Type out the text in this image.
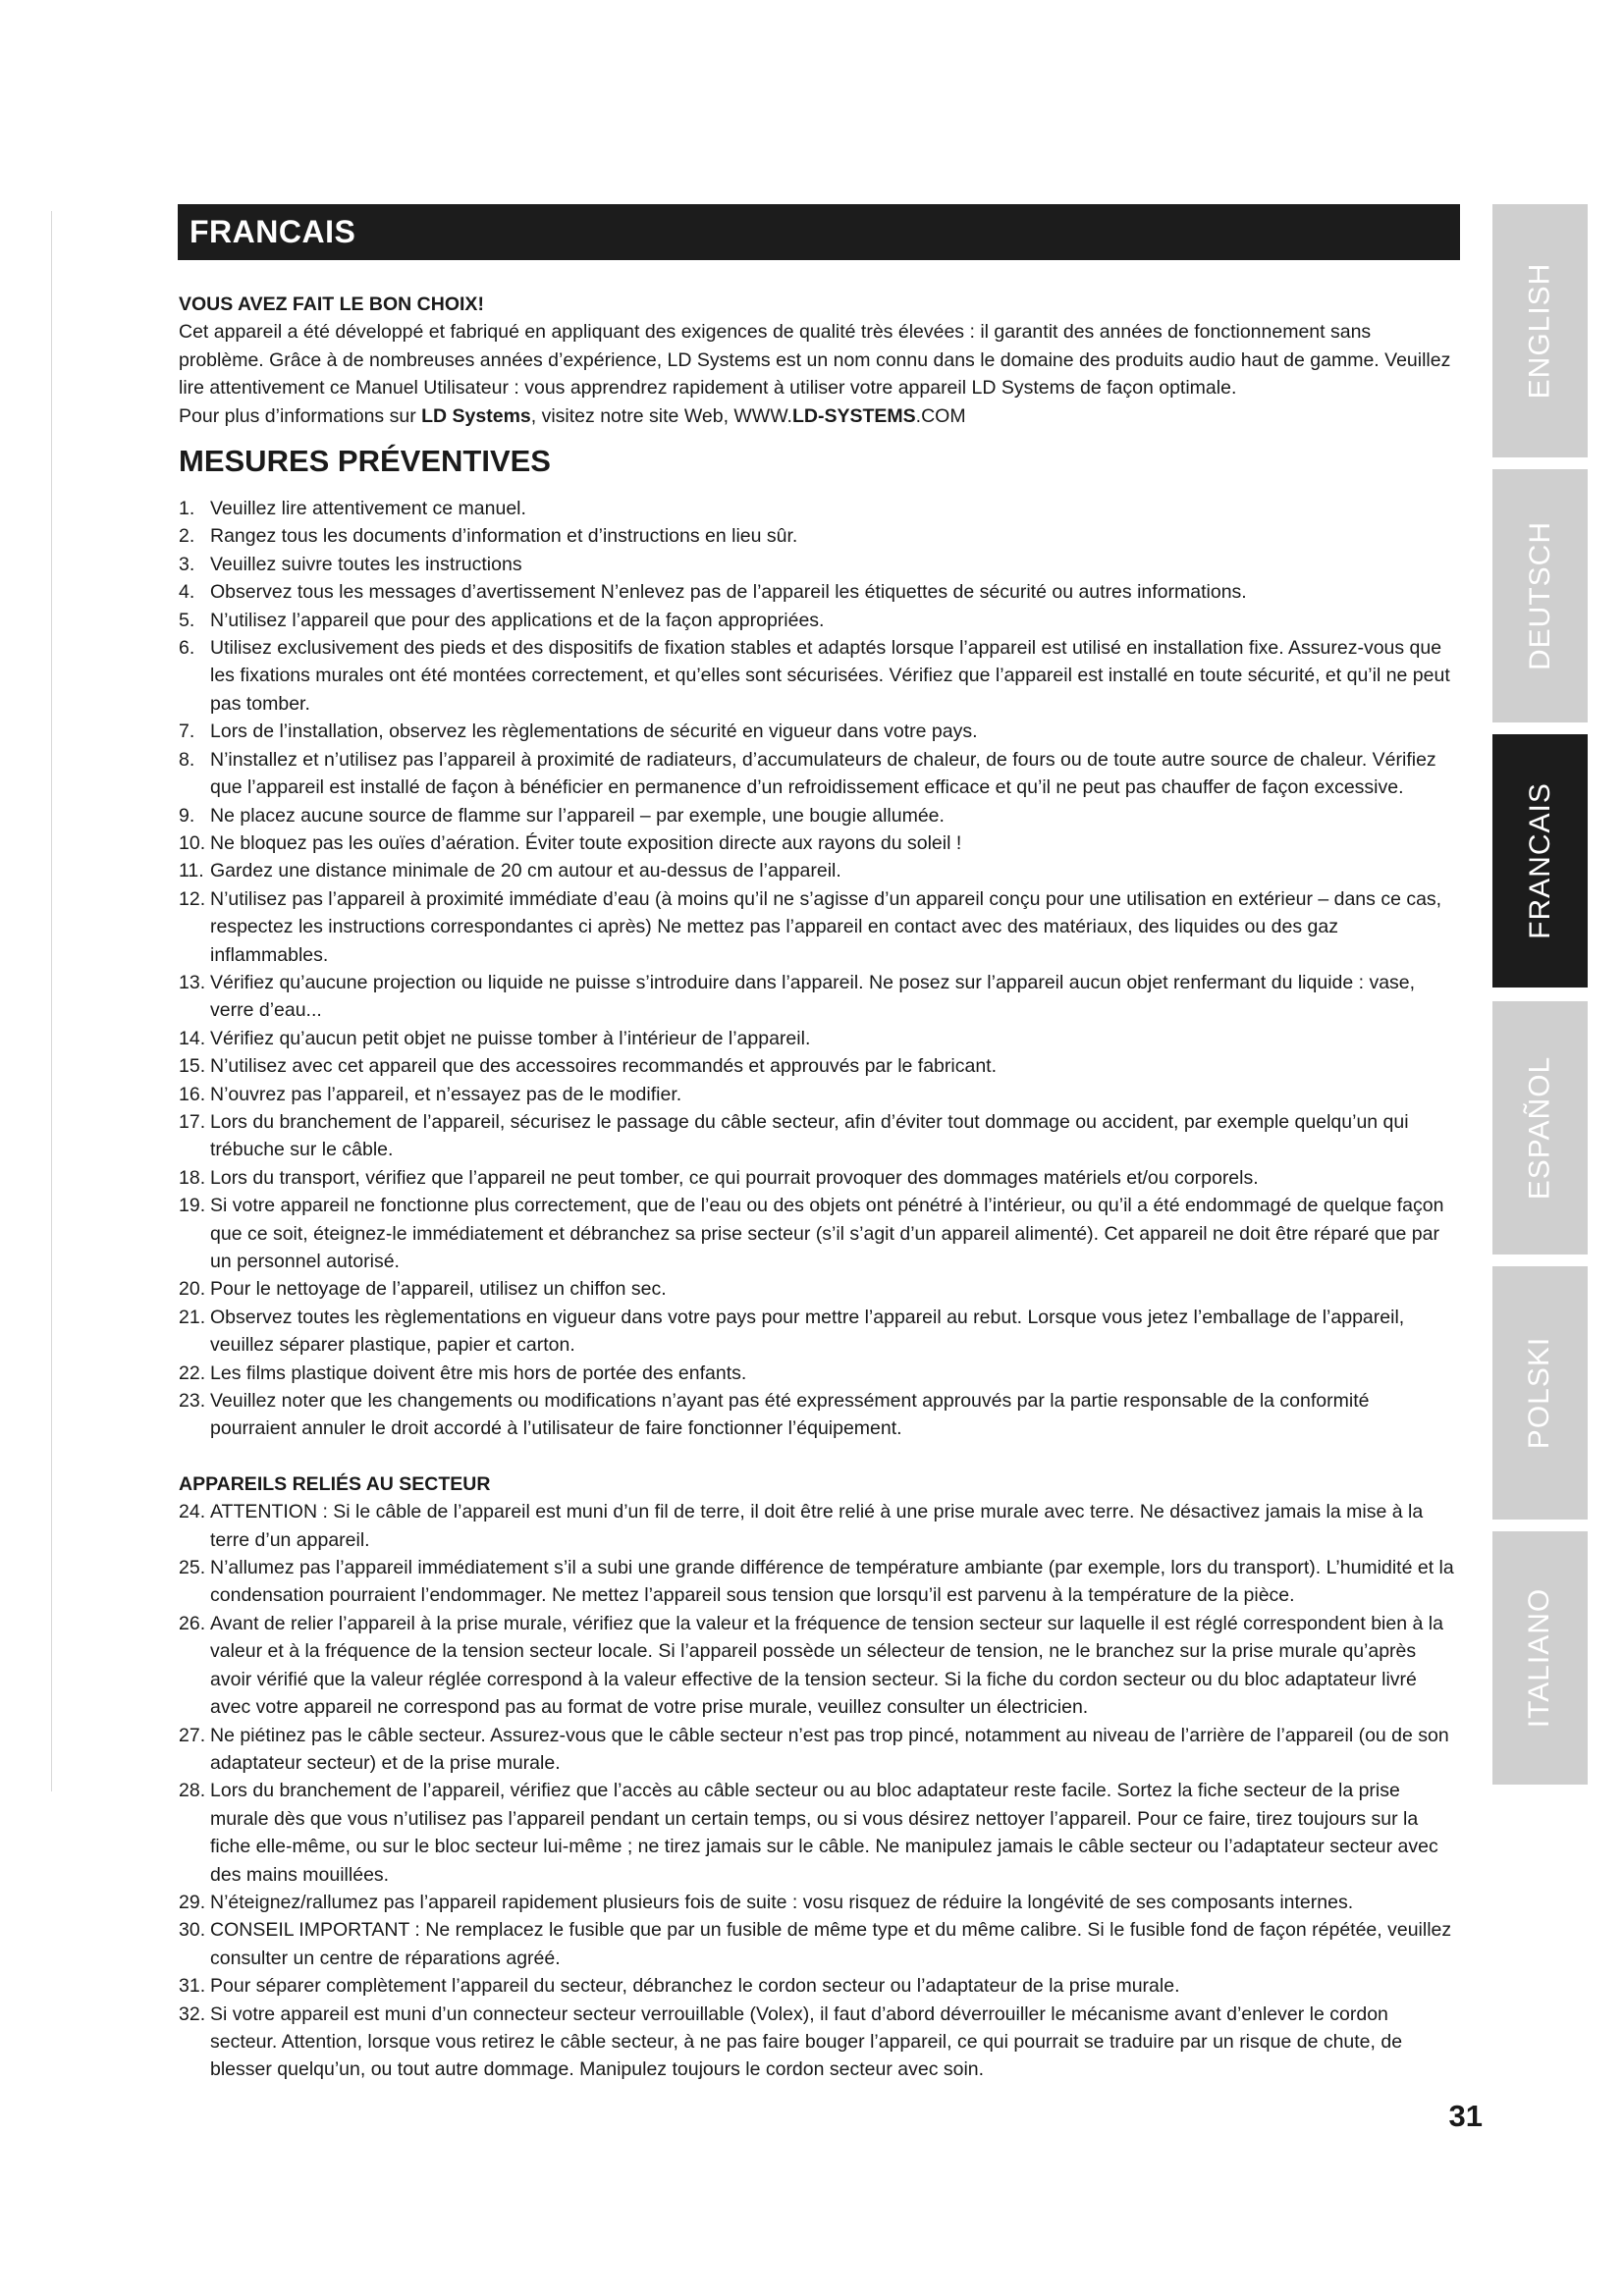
FRANCAIS

VOUS AVEZ FAIT LE BON CHOIX!

Cet appareil a été développé et fabriqué en appliquant des exigences de qualité très élevées : il garantit des années de fonctionnement sans problème. Grâce à de nombreuses années d’expérience, LD Systems est un nom connu dans le domaine des produits audio haut de gamme. Veuillez lire attentivement ce Manuel Utilisateur : vous apprendrez rapidement à utiliser votre appareil LD Systems de façon optimale.

Pour plus d’informations sur LD Systems, visitez notre site Web, WWW.LD-SYSTEMS.COM

MESURES PRÉVENTIVES
1. Veuillez lire attentivement ce manuel.
2. Rangez tous les documents d’information et d’instructions en lieu sûr.
3. Veuillez suivre toutes les instructions
4. Observez tous les messages d’avertissement N’enlevez pas de l’appareil les étiquettes de sécurité ou autres informations.
5. N’utilisez l’appareil que pour des applications et de la façon appropriées.
6. Utilisez exclusivement des pieds et des dispositifs de fixation stables et adaptés lorsque l’appareil est utilisé en installation fixe. Assurez-vous que les fixations murales ont été montées correctement, et qu’elles sont sécurisées. Vérifiez que l’appareil est installé en toute sécurité, et qu’il ne peut pas tomber.
7. Lors de l’installation, observez les règlementations de sécurité en vigueur dans votre pays.
8. N’installez et n’utilisez pas l’appareil à proximité de radiateurs, d’accumulateurs de chaleur, de fours ou de toute autre source de chaleur. Vérifiez que l’appareil est installé de façon à bénéficier en permanence d’un refroidissement efficace et qu’il ne peut pas chauffer de façon excessive.
9. Ne placez aucune source de flamme sur l’appareil – par exemple, une bougie allumée.
10. Ne bloquez pas les ouïes d’aération. Éviter toute exposition directe aux rayons du soleil !
11. Gardez une distance minimale de 20 cm autour et au-dessus de l’appareil.
12. N’utilisez pas l’appareil à proximité immédiate d’eau (à moins qu’il ne s’agisse d’un appareil conçu pour une utilisation en extérieur – dans ce cas, respectez les instructions correspondantes ci après) Ne mettez pas l’appareil en contact avec des matériaux, des liquides ou des gaz inflammables.
13. Vérifiez qu’aucune projection ou liquide ne puisse s’introduire dans l’appareil. Ne posez sur l’appareil aucun objet renfermant du liquide : vase, verre d’eau...
14. Vérifiez qu’aucun petit objet ne puisse tomber à l’intérieur de l’appareil.
15. N’utilisez avec cet appareil que des accessoires recommandés et approuvés par le fabricant.
16. N’ouvrez pas l’appareil, et n’essayez pas de le modifier.
17. Lors du branchement de l’appareil, sécurisez le passage du câble secteur, afin d’éviter tout dommage ou accident, par exemple quelqu’un qui trébuche sur le câble.
18. Lors du transport, vérifiez que l’appareil ne peut tomber, ce qui pourrait provoquer des dommages matériels et/ou corporels.
19. Si votre appareil ne fonctionne plus correctement, que de l’eau ou des objets ont pénétré à l’intérieur, ou qu’il a été endommagé de quelque façon que ce soit, éteignez-le immédiatement et débranchez sa prise secteur (s’il s’agit d’un appareil alimenté). Cet appareil ne doit être réparé que par un personnel autorisé.
20. Pour le nettoyage de l’appareil, utilisez un chiffon sec.
21. Observez toutes les règlementations en vigueur dans votre pays pour mettre l’appareil au rebut. Lorsque vous jetez l’emballage de l’appareil, veuillez séparer plastique, papier et carton.
22. Les films plastique doivent être mis hors de portée des enfants.
23. Veuillez noter que les changements ou modifications n’ayant pas été expressément approuvés par la partie responsable de la conformité pourraient annuler le droit accordé à l’utilisateur de faire fonctionner l’équipement.

APPAREILS RELIÉS AU SECTEUR

24. ATTENTION : Si le câble de l’appareil est muni d’un fil de terre, il doit être relié à une prise murale avec terre. Ne désactivez jamais la mise à la terre d’un appareil.
25. N’allumez pas l’appareil immédiatement s’il a subi une grande différence de température ambiante (par exemple, lors du transport). L’humidité et la condensation pourraient l’endommager. Ne mettez l’appareil sous tension que lorsqu’il est parvenu à la température de la pièce.
26. Avant de relier l’appareil à la prise murale, vérifiez que la valeur et la fréquence de tension secteur sur laquelle il est réglé correspondent bien à la valeur et à la fréquence de la tension secteur locale. Si l’appareil possède un sélecteur de tension, ne le branchez sur la prise murale qu’après avoir vérifié que la valeur réglée correspond à la valeur effective de la tension secteur. Si la fiche du cordon secteur ou du bloc adaptateur livré avec votre appareil ne correspond pas au format de votre prise murale, veuillez consulter un électricien.
27. Ne piétinez pas le câble secteur. Assurez-vous que le câble secteur n’est pas trop pincé, notamment au niveau de l’arrière de l’appareil (ou de son adaptateur secteur) et de la prise murale.
28. Lors du branchement de l’appareil, vérifiez que l’accès au câble secteur ou au bloc adaptateur reste facile. Sortez la fiche secteur de la prise murale dès que vous n’utilisez pas l’appareil pendant un certain temps, ou si vous désirez nettoyer l’appareil. Pour ce faire, tirez toujours sur la fiche elle-même, ou sur le bloc secteur lui-même ; ne tirez jamais sur le câble. Ne manipulez jamais le câble secteur ou l’adaptateur secteur avec des mains mouillées.
29. N’éteignez/rallumez pas l’appareil rapidement plusieurs fois de suite : vosu risquez de réduire la longévité de ses composants internes.
30. CONSEIL IMPORTANT : Ne remplacez le fusible que par un fusible de même type et du même calibre. Si le fusible fond de façon répétée, veuillez consulter un centre de réparations agréé.
31. Pour séparer complètement l’appareil du secteur, débranchez le cordon secteur ou l’adaptateur de la prise murale.
32. Si votre appareil est muni d’un connecteur secteur verrouillable (Volex), il faut d’abord déverrouiller le mécanisme avant d’enlever le cordon secteur. Attention, lorsque vous retirez le câble secteur, à ne pas faire bouger l’appareil, ce qui pourrait se traduire par un risque de chute, de blesser quelqu’un, ou tout autre dommage. Manipulez toujours le cordon secteur avec soin.
ENGLISH
DEUTSCH
FRANCAIS
ESPAÑOL
POLSKI
ITALIANO
31
